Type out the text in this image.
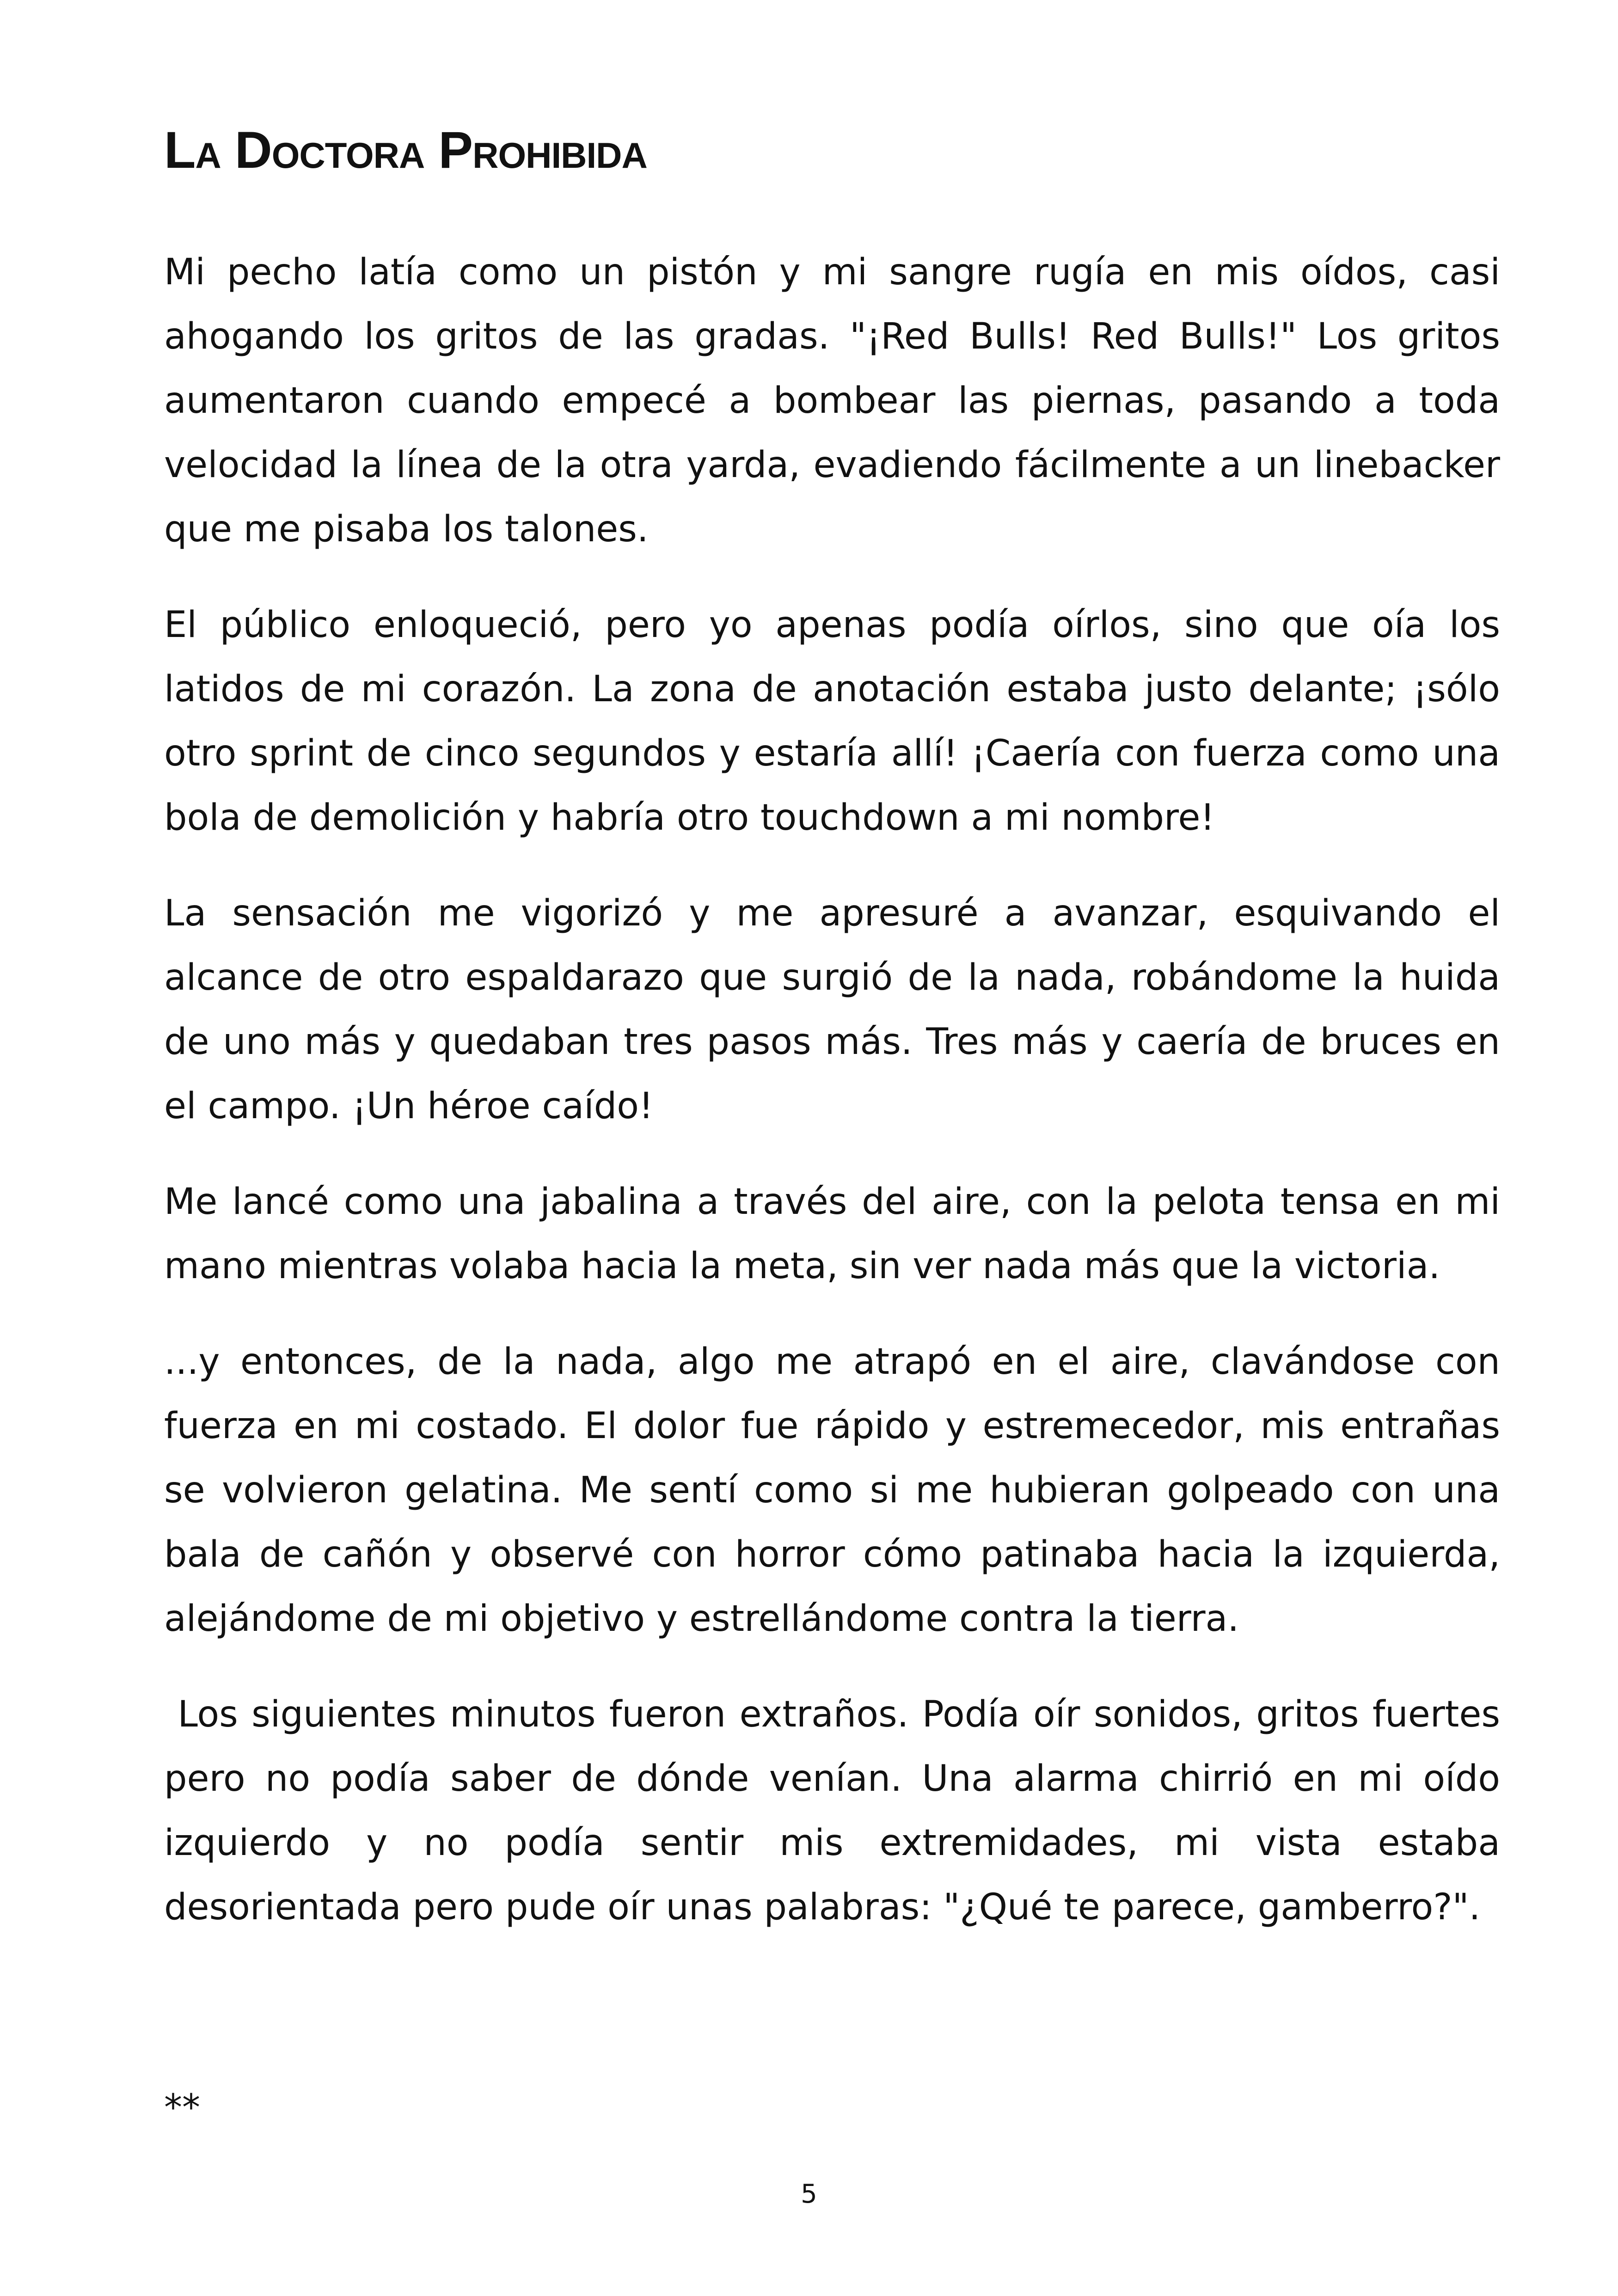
La Doctora Prohibida

Mi pecho latía como un pistón y mi sangre rugía en mis oídos, casi ahogando los gritos de las gradas. "¡Red Bulls! Red Bulls!" Los gritos aumentaron cuando empecé a bombear las piernas, pasando a toda velocidad la línea de la otra yarda, evadiendo fácilmente a un linebacker que me pisaba los talones.

El público enloqueció, pero yo apenas podía oírlos, sino que oía los latidos de mi corazón. La zona de anotación estaba justo delante; ¡sólo otro sprint de cinco segundos y estaría allí! ¡Caería con fuerza como una bola de demolición y habría otro touchdown a mi nombre!

La sensación me vigorizó y me apresuré a avanzar, esquivando el alcance de otro espaldarazo que surgió de la nada, robándome la huida de uno más y quedaban tres pasos más. Tres más y caería de bruces en el campo. ¡Un héroe caído!

Me lancé como una jabalina a través del aire, con la pelota tensa en mi mano mientras volaba hacia la meta, sin ver nada más que la victoria.

...y entonces, de la nada, algo me atrapó en el aire, clavándose con fuerza en mi costado. El dolor fue rápido y estremecedor, mis entrañas se volvieron gelatina. Me sentí como si me hubieran golpeado con una bala de cañón y observé con horror cómo patinaba hacia la izquierda, alejándome de mi objetivo y estrellándome contra la tierra.

Los siguientes minutos fueron extraños. Podía oír sonidos, gritos fuertes pero no podía saber de dónde venían. Una alarma chirrió en mi oído izquierdo y no podía sentir mis extremidades, mi vista estaba desorientada pero pude oír unas palabras: "¿Qué te parece, gamberro?".

**
5
